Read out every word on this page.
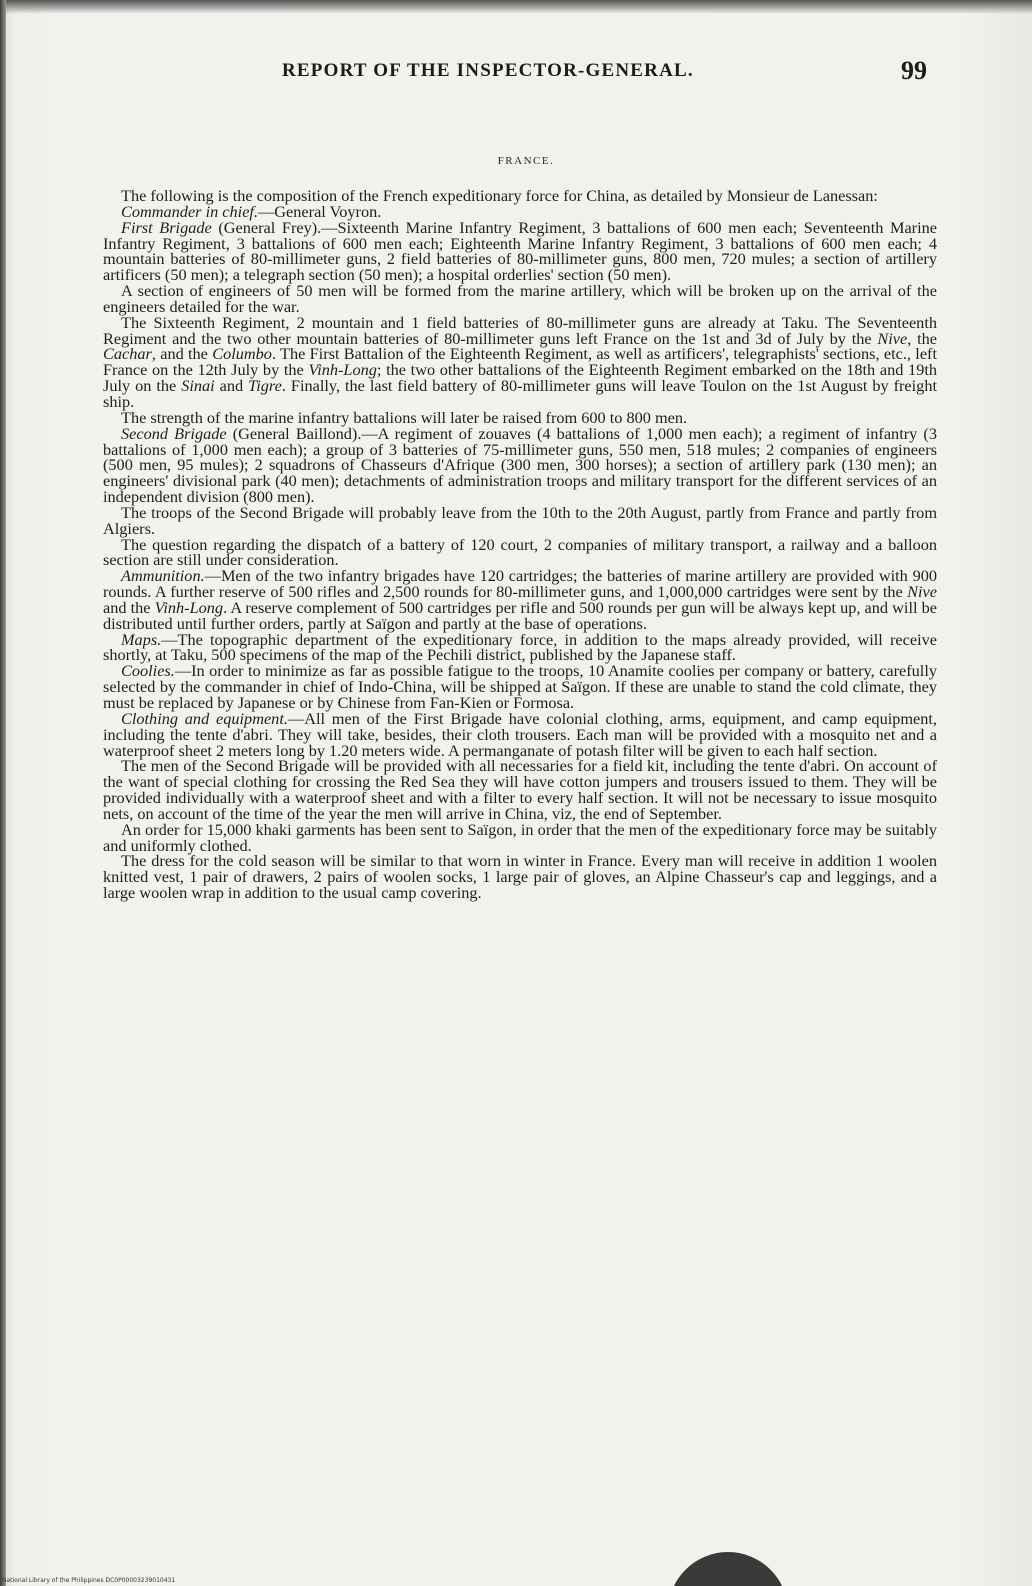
REPORT OF THE INSPECTOR-GENERAL.	99
FRANCE.

The following is the composition of the French expeditionary force for China, as detailed by Monsieur de Lanessan:

Commander in chief.—General Voyron.

First Brigade (General Frey).—Sixteenth Marine Infantry Regiment, 3 battalions of 600 men each; Seventeenth Marine Infantry Regiment, 3 battalions of 600 men each; Eighteenth Marine Infantry Regiment, 3 battalions of 600 men each; 4 mountain batteries of 80-millimeter guns, 2 field batteries of 80-millimeter guns, 800 men, 720 mules; a section of artillery artificers (50 men); a telegraph section (50 men); a hospital orderlies' section (50 men).

A section of engineers of 50 men will be formed from the marine artillery, which will be broken up on the arrival of the engineers detailed for the war.

The Sixteenth Regiment, 2 mountain and 1 field batteries of 80-millimeter guns are already at Taku. The Seventeenth Regiment and the two other mountain batteries of 80-millimeter guns left France on the 1st and 3d of July by the Nive, the Cachar, and the Columbo. The First Battalion of the Eighteenth Regiment, as well as artificers', telegraphists' sections, etc., left France on the 12th July by the Vinh-Long; the two other battalions of the Eighteenth Regiment embarked on the 18th and 19th July on the Sinai and Tigre. Finally, the last field battery of 80-millimeter guns will leave Toulon on the 1st August by freight ship.

The strength of the marine infantry battalions will later be raised from 600 to 800 men.

Second Brigade (General Baillond).—A regiment of zouaves (4 battalions of 1,000 men each); a regiment of infantry (3 battalions of 1,000 men each); a group of 3 batteries of 75-millimeter guns, 550 men, 518 mules; 2 companies of engineers (500 men, 95 mules); 2 squadrons of Chasseurs d'Afrique (300 men, 300 horses); a section of artillery park (130 men); an engineers' divisional park (40 men); detachments of administration troops and military transport for the different services of an independent division (800 men).

The troops of the Second Brigade will probably leave from the 10th to the 20th August, partly from France and partly from Algiers.

The question regarding the dispatch of a battery of 120 court, 2 companies of military transport, a railway and a balloon section are still under consideration.

Ammunition.—Men of the two infantry brigades have 120 cartridges; the batteries of marine artillery are provided with 900 rounds. A further reserve of 500 rifles and 2,500 rounds for 80-millimeter guns, and 1,000,000 cartridges were sent by the Nive and the Vinh-Long. A reserve complement of 500 cartridges per rifle and 500 rounds per gun will be always kept up, and will be distributed until further orders, partly at Saïgon and partly at the base of operations.

Maps.—The topographic department of the expeditionary force, in addition to the maps already provided, will receive shortly, at Taku, 500 specimens of the map of the Pechili district, published by the Japanese staff.

Coolies.—In order to minimize as far as possible fatigue to the troops, 10 Anamite coolies per company or battery, carefully selected by the commander in chief of Indo-China, will be shipped at Saïgon. If these are unable to stand the cold climate, they must be replaced by Japanese or by Chinese from Fan-Kien or Formosa.

Clothing and equipment.—All men of the First Brigade have colonial clothing, arms, equipment, and camp equipment, including the tente d'abri. They will take, besides, their cloth trousers. Each man will be provided with a mosquito net and a waterproof sheet 2 meters long by 1.20 meters wide. A permanganate of potash filter will be given to each half section.

The men of the Second Brigade will be provided with all necessaries for a field kit, including the tente d'abri. On account of the want of special clothing for crossing the Red Sea they will have cotton jumpers and trousers issued to them. They will be provided individually with a waterproof sheet and with a filter to every half section. It will not be necessary to issue mosquito nets, on account of the time of the year the men will arrive in China, viz, the end of September.

An order for 15,000 khaki garments has been sent to Saïgon, in order that the men of the expeditionary force may be suitably and uniformly clothed.

The dress for the cold season will be similar to that worn in winter in France. Every man will receive in addition 1 woolen knitted vest, 1 pair of drawers, 2 pairs of woolen socks, 1 large pair of gloves, an Alpine Chasseur's cap and leggings, and a large woolen wrap in addition to the usual camp covering.

National Library of the Philippines DC0P00003239010431
